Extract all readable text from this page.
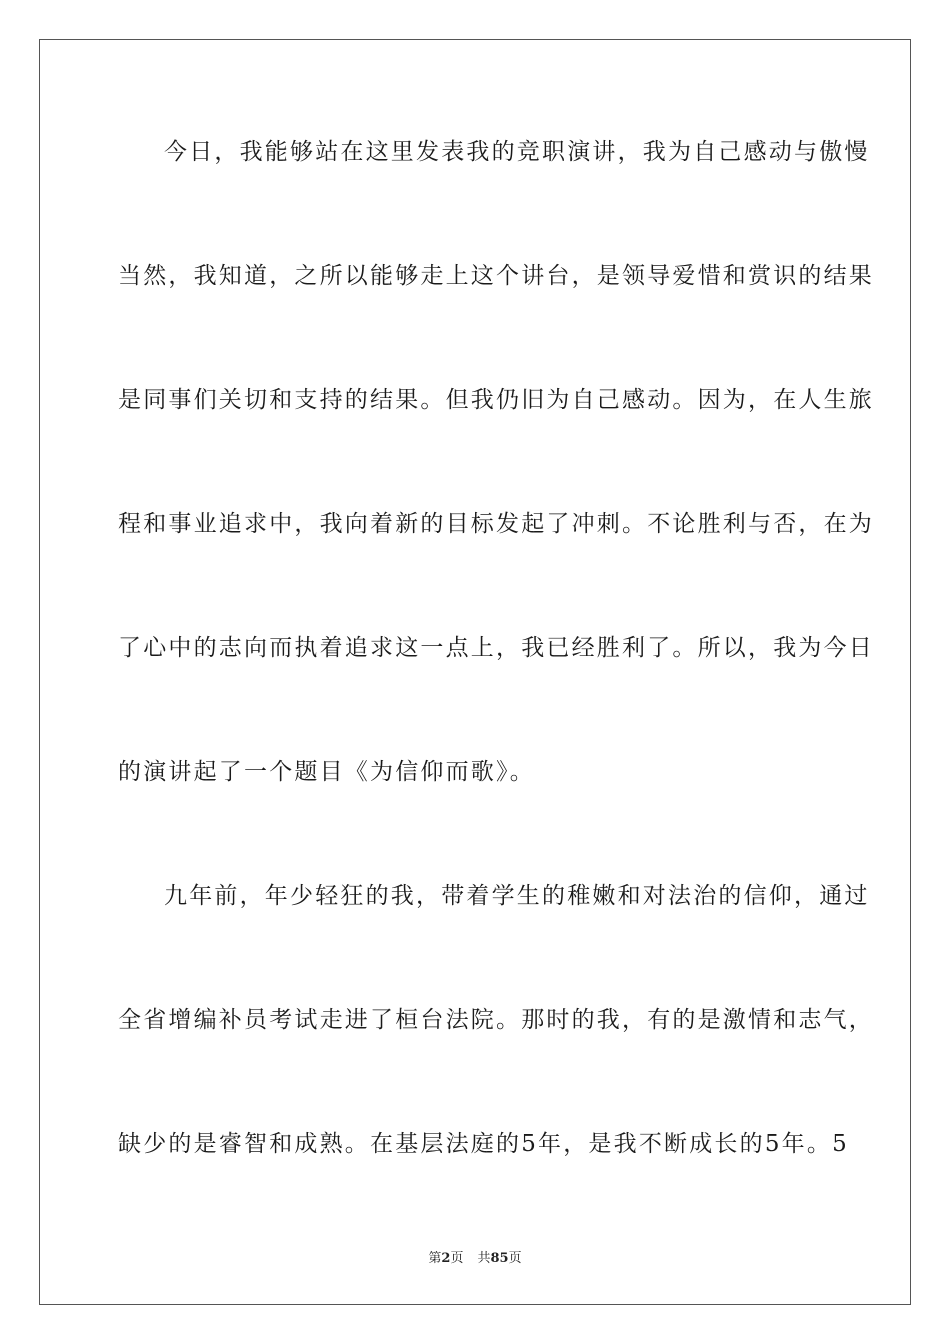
今日，我能够站在这里发表我的竞职演讲，我为自己感动与傲慢
当然，我知道，之所以能够走上这个讲台，是领导爱惜和赏识的结果
是同事们关切和支持的结果。但我仍旧为自己感动。因为，在人生旅
程和事业追求中，我向着新的目标发起了冲刺。不论胜利与否，在为
了心中的志向而执着追求这一点上，我已经胜利了。所以，我为今日
的演讲起了一个题目《为信仰而歌》。
九年前，年少轻狂的我，带着学生的稚嫩和对法治的信仰，通过
全省增编补员考试走进了桓台法院。那时的我，有的是激情和志气，
缺少的是睿智和成熟。在基层法庭的5年，是我不断成长的5年。5
第2页 共85页
